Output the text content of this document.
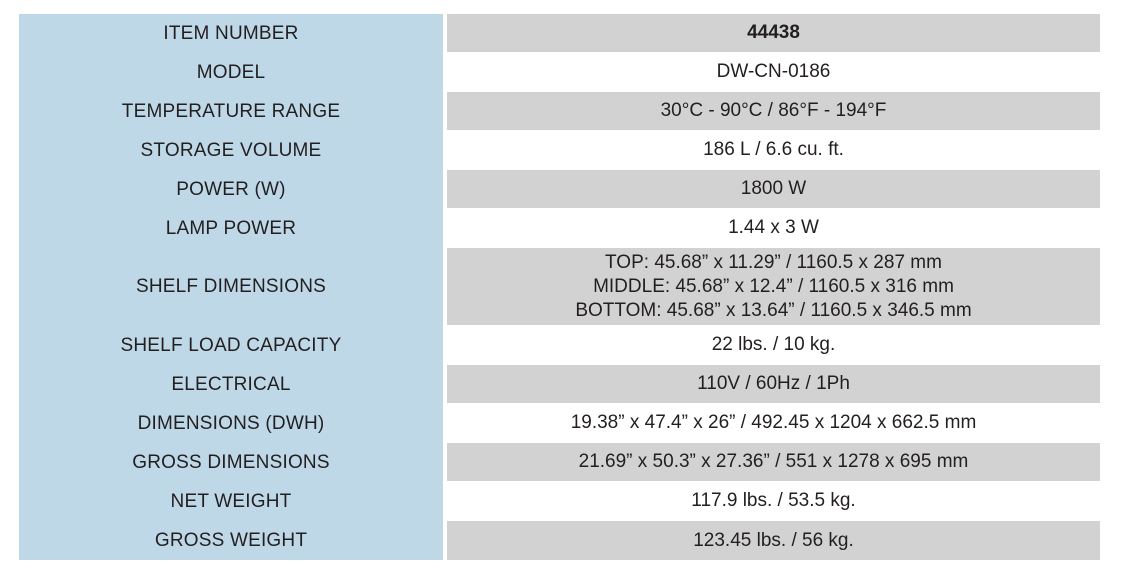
ITEM NUMBER
MODEL
TEMPERATURE RANGE
STORAGE VOLUME
POWER (W)
LAMP POWER
SHELF DIMENSIONS
SHELF LOAD CAPACITY
ELECTRICAL
DIMENSIONS (DWH)
GROSS DIMENSIONS
NET WEIGHT
GROSS WEIGHT
44438
DW-CN-0186
30°C - 90°C / 86°F - 194°F
186 L / 6.6 cu. ft.
1800 W
1.44 x 3 W
TOP: 45.68” x 11.29” / 1160.5 x 287 mm
MIDDLE: 45.68” x 12.4” / 1160.5 x 316 mm
BOTTOM: 45.68” x 13.64” / 1160.5 x 346.5 mm
22 lbs. / 10 kg.
110V / 60Hz / 1Ph
19.38” x 47.4” x 26” / 492.45 x 1204 x 662.5 mm
21.69” x 50.3” x 27.36” / 551 x 1278 x 695 mm
117.9 lbs. / 53.5 kg.
123.45 lbs. / 56 kg.
